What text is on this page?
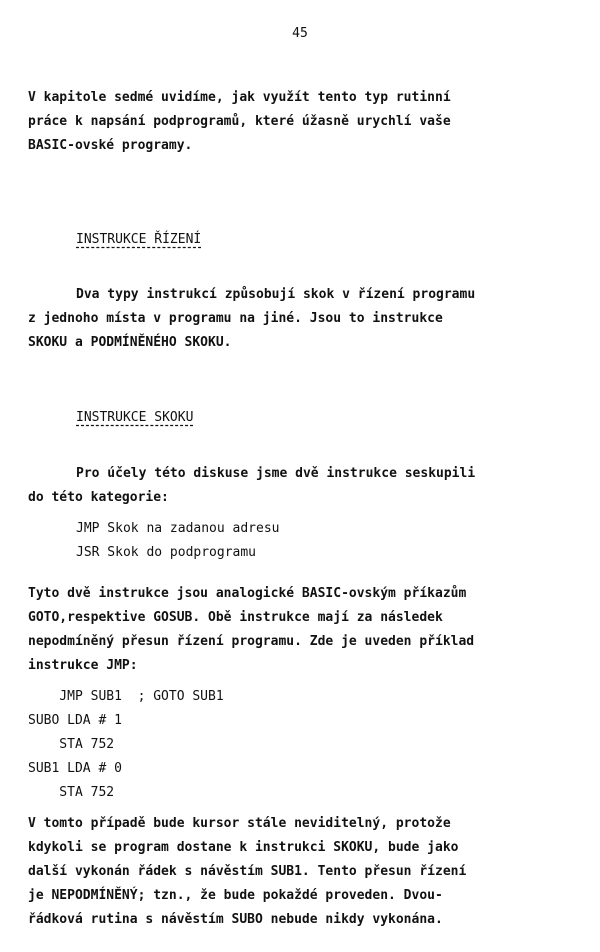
45
V kapitole sedmé uvidíme, jak využít tento typ rutinní
práce k napsání podprogramů, které úžasně urychlí vaše
BASIC-ovské programy.
INSTRUKCE ŘÍZENÍ
Dva typy instrukcí způsobují skok v řízení programu
z jednoho místa v programu na jiné. Jsou to instrukce
SKOKU a PODMÍNĚNÉHO SKOKU.
INSTRUKCE SKOKU
Pro účely této diskuse jsme dvě instrukce seskupili
do této kategorie:
JMP Skok na zadanou adresu
JSR Skok do podprogramu
Tyto dvě instrukce jsou analogické BASIC-ovským příkazům
GOTO,respektive GOSUB. Obě instrukce mají za následek
nepodmíněný přesun řízení programu. Zde je uveden příklad
instrukce JMP:
JMP SUB1  ; GOTO SUB1
SUBO LDA # 1
STA 752
SUB1 LDA # 0
STA 752
V tomto případě bude kursor stále neviditelný, protože
kdykoli se program dostane k instrukci SKOKU, bude jako
další vykonán řádek s návěstím SUB1. Tento přesun řízení
je NEPODMÍNĚNÝ; tzn., že bude pokaždé proveden. Dvou-
řádková rutina s návěstím SUBO nebude nikdy vykonána.
